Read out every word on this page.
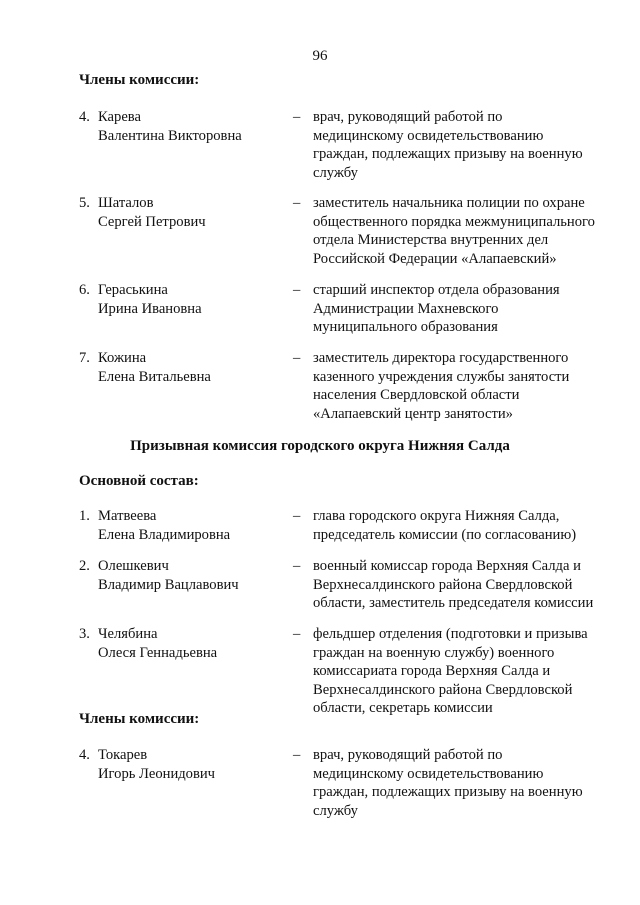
96
Члены комиссии:
4. Карева
Валентина Викторовна
– врач, руководящий работой по
медицинскому освидетельствованию
граждан, подлежащих призыву на военную
службу
5. Шаталов
Сергей Петрович
– заместитель начальника полиции по охране
общественного порядка межмуниципального
отдела Министерства внутренних дел
Российской Федерации «Алапаевский»
6. Гераськина
Ирина Ивановна
– старший инспектор отдела образования
Администрации Махневского
муниципального образования
7. Кожина
Елена Витальевна
– заместитель директора государственного
казенного учреждения службы занятости
населения Свердловской области
«Алапаевский центр занятости»
Призывная комиссия городского округа Нижняя Салда
Основной состав:
1. Матвеева
Елена Владимировна
– глава городского округа Нижняя Салда,
председатель комиссии (по согласованию)
2. Олешкевич
Владимир Вацлавович
– военный комиссар города Верхняя Салда и
Верхнесалдинского района Свердловской
области, заместитель председателя комиссии
3. Челябина
Олеся Геннадьевна
– фельдшер отделения (подготовки и призыва
граждан на военную службу) военного
комиссариата города Верхняя Салда и
Верхнесалдинского района Свердловской
области, секретарь комиссии
Члены комиссии:
4. Токарев
Игорь Леонидович
– врач, руководящий работой по
медицинскому освидетельствованию
граждан, подлежащих призыву на военную
службу
